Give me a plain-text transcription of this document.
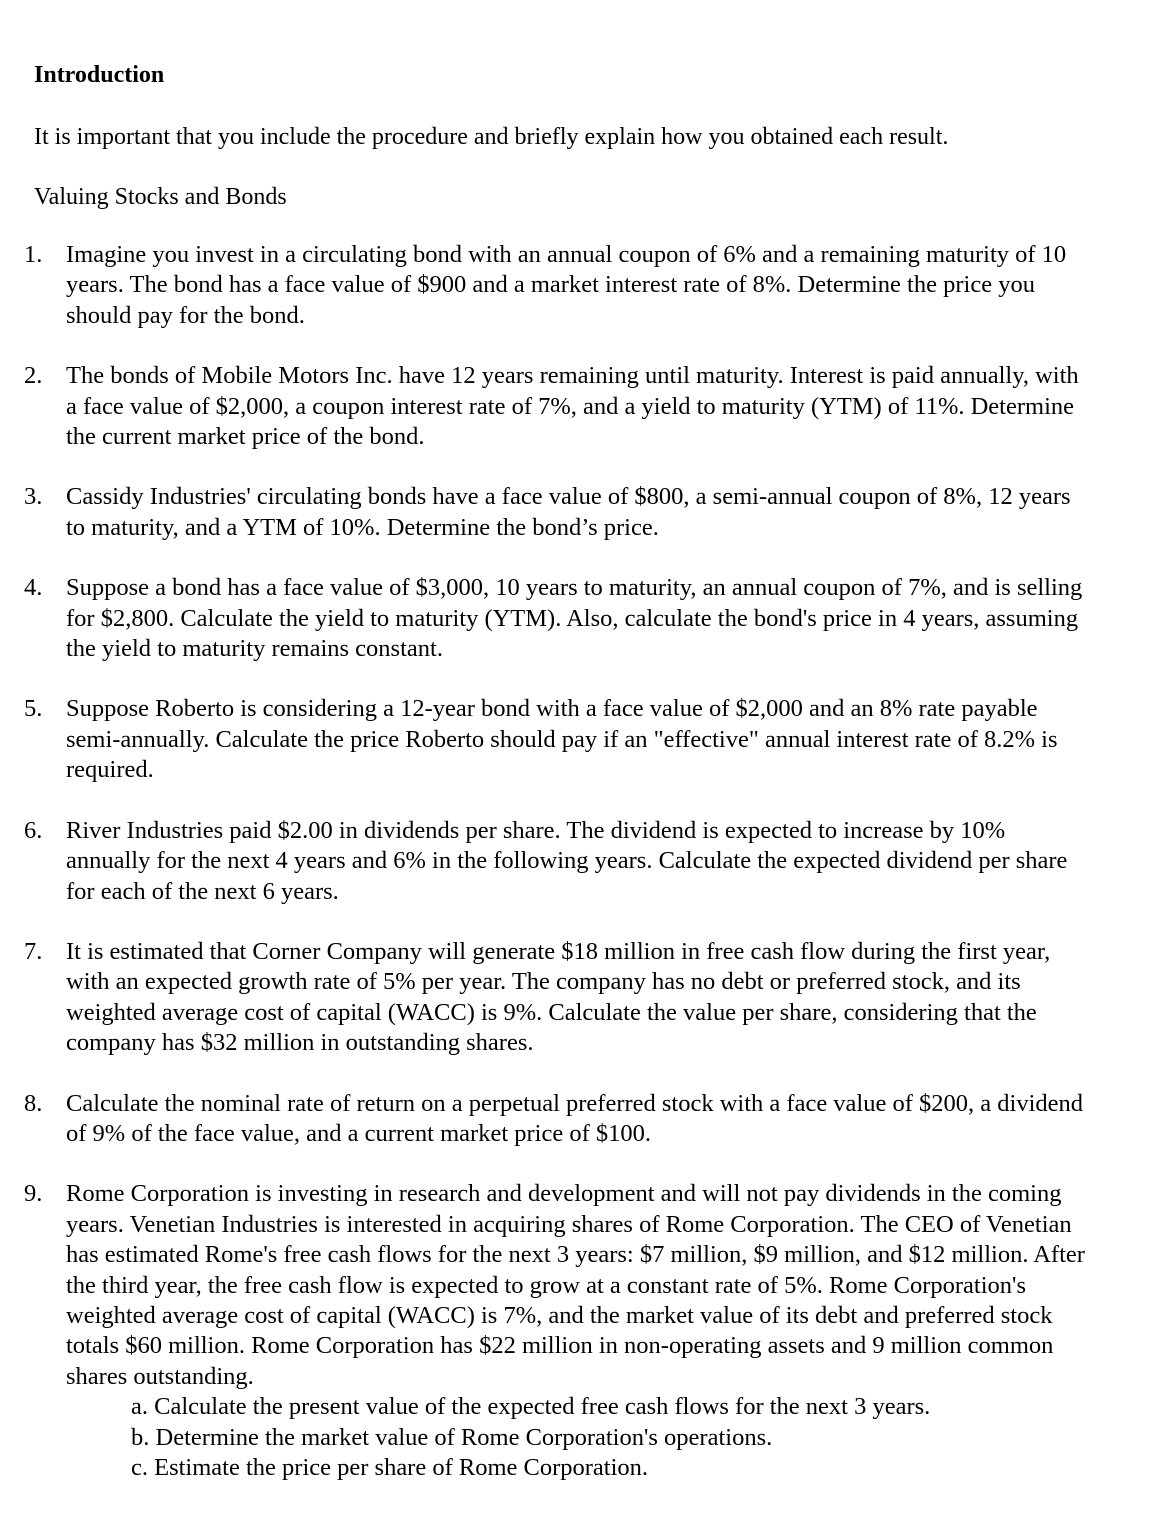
Introduction
It is important that you include the procedure and briefly explain how you obtained each result.
Valuing Stocks and Bonds
1. Imagine you invest in a circulating bond with an annual coupon of 6% and a remaining maturity of 10 years. The bond has a face value of $900 and a market interest rate of 8%. Determine the price you should pay for the bond.
2. The bonds of Mobile Motors Inc. have 12 years remaining until maturity. Interest is paid annually, with a face value of $2,000, a coupon interest rate of 7%, and a yield to maturity (YTM) of 11%. Determine the current market price of the bond.
3. Cassidy Industries' circulating bonds have a face value of $800, a semi-annual coupon of 8%, 12 years to maturity, and a YTM of 10%. Determine the bond’s price.
4. Suppose a bond has a face value of $3,000, 10 years to maturity, an annual coupon of 7%, and is selling for $2,800. Calculate the yield to maturity (YTM). Also, calculate the bond's price in 4 years, assuming the yield to maturity remains constant.
5. Suppose Roberto is considering a 12-year bond with a face value of $2,000 and an 8% rate payable semi-annually. Calculate the price Roberto should pay if an "effective" annual interest rate of 8.2% is required.
6. River Industries paid $2.00 in dividends per share. The dividend is expected to increase by 10% annually for the next 4 years and 6% in the following years. Calculate the expected dividend per share for each of the next 6 years.
7. It is estimated that Corner Company will generate $18 million in free cash flow during the first year, with an expected growth rate of 5% per year. The company has no debt or preferred stock, and its weighted average cost of capital (WACC) is 9%. Calculate the value per share, considering that the company has $32 million in outstanding shares.
8. Calculate the nominal rate of return on a perpetual preferred stock with a face value of $200, a dividend of 9% of the face value, and a current market price of $100.
9. Rome Corporation is investing in research and development and will not pay dividends in the coming years. Venetian Industries is interested in acquiring shares of Rome Corporation. The CEO of Venetian has estimated Rome's free cash flows for the next 3 years: $7 million, $9 million, and $12 million. After the third year, the free cash flow is expected to grow at a constant rate of 5%. Rome Corporation's weighted average cost of capital (WACC) is 7%, and the market value of its debt and preferred stock totals $60 million. Rome Corporation has $22 million in non-operating assets and 9 million common shares outstanding.
a. Calculate the present value of the expected free cash flows for the next 3 years.
b. Determine the market value of Rome Corporation's operations.
c. Estimate the price per share of Rome Corporation.
